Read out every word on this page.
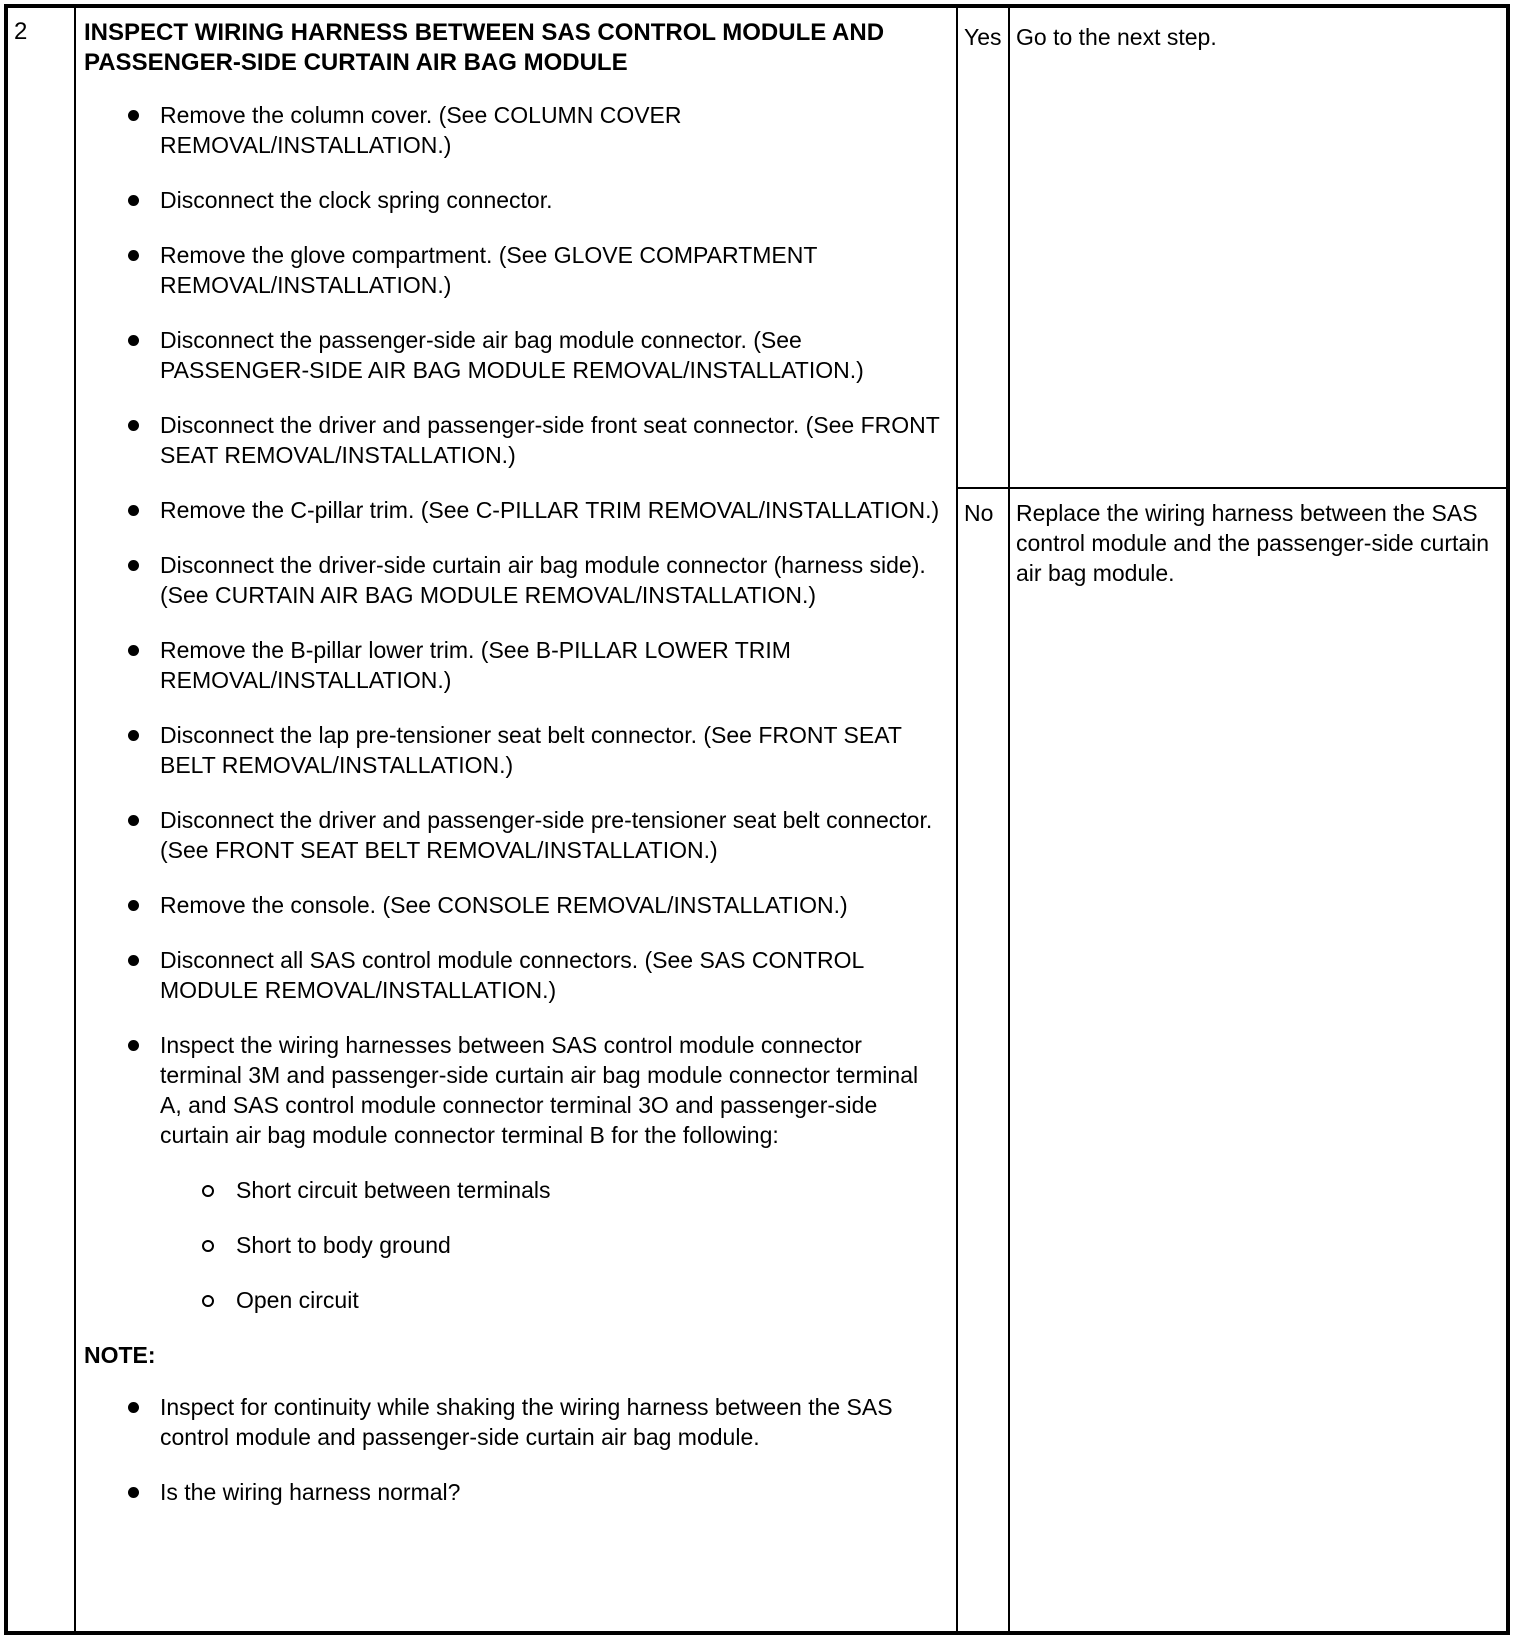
2 INSPECT WIRING HARNESS BETWEEN SAS CONTROL MODULE AND PASSENGER-SIDE CURTAIN AIR BAG MODULE
Remove the column cover. (See COLUMN COVER REMOVAL/INSTALLATION.)
Disconnect the clock spring connector.
Remove the glove compartment. (See GLOVE COMPARTMENT REMOVAL/INSTALLATION.)
Disconnect the passenger-side air bag module connector. (See PASSENGER-SIDE AIR BAG MODULE REMOVAL/INSTALLATION.)
Disconnect the driver and passenger-side front seat connector. (See FRONT SEAT REMOVAL/INSTALLATION.)
Remove the C-pillar trim. (See C-PILLAR TRIM REMOVAL/INSTALLATION.)
Disconnect the driver-side curtain air bag module connector (harness side). (See CURTAIN AIR BAG MODULE REMOVAL/INSTALLATION.)
Remove the B-pillar lower trim. (See B-PILLAR LOWER TRIM REMOVAL/INSTALLATION.)
Disconnect the lap pre-tensioner seat belt connector. (See FRONT SEAT BELT REMOVAL/INSTALLATION.)
Disconnect the driver and passenger-side pre-tensioner seat belt connector. (See FRONT SEAT BELT REMOVAL/INSTALLATION.)
Remove the console. (See CONSOLE REMOVAL/INSTALLATION.)
Disconnect all SAS control module connectors. (See SAS CONTROL MODULE REMOVAL/INSTALLATION.)
Inspect the wiring harnesses between SAS control module connector terminal 3M and passenger-side curtain air bag module connector terminal A, and SAS control module connector terminal 3O and passenger-side curtain air bag module connector terminal B for the following:
Short circuit between terminals
Short to body ground
Open circuit
NOTE:
Inspect for continuity while shaking the wiring harness between the SAS control module and passenger-side curtain air bag module.
Is the wiring harness normal?
Yes Go to the next step.
No Replace the wiring harness between the SAS control module and the passenger-side curtain air bag module.
